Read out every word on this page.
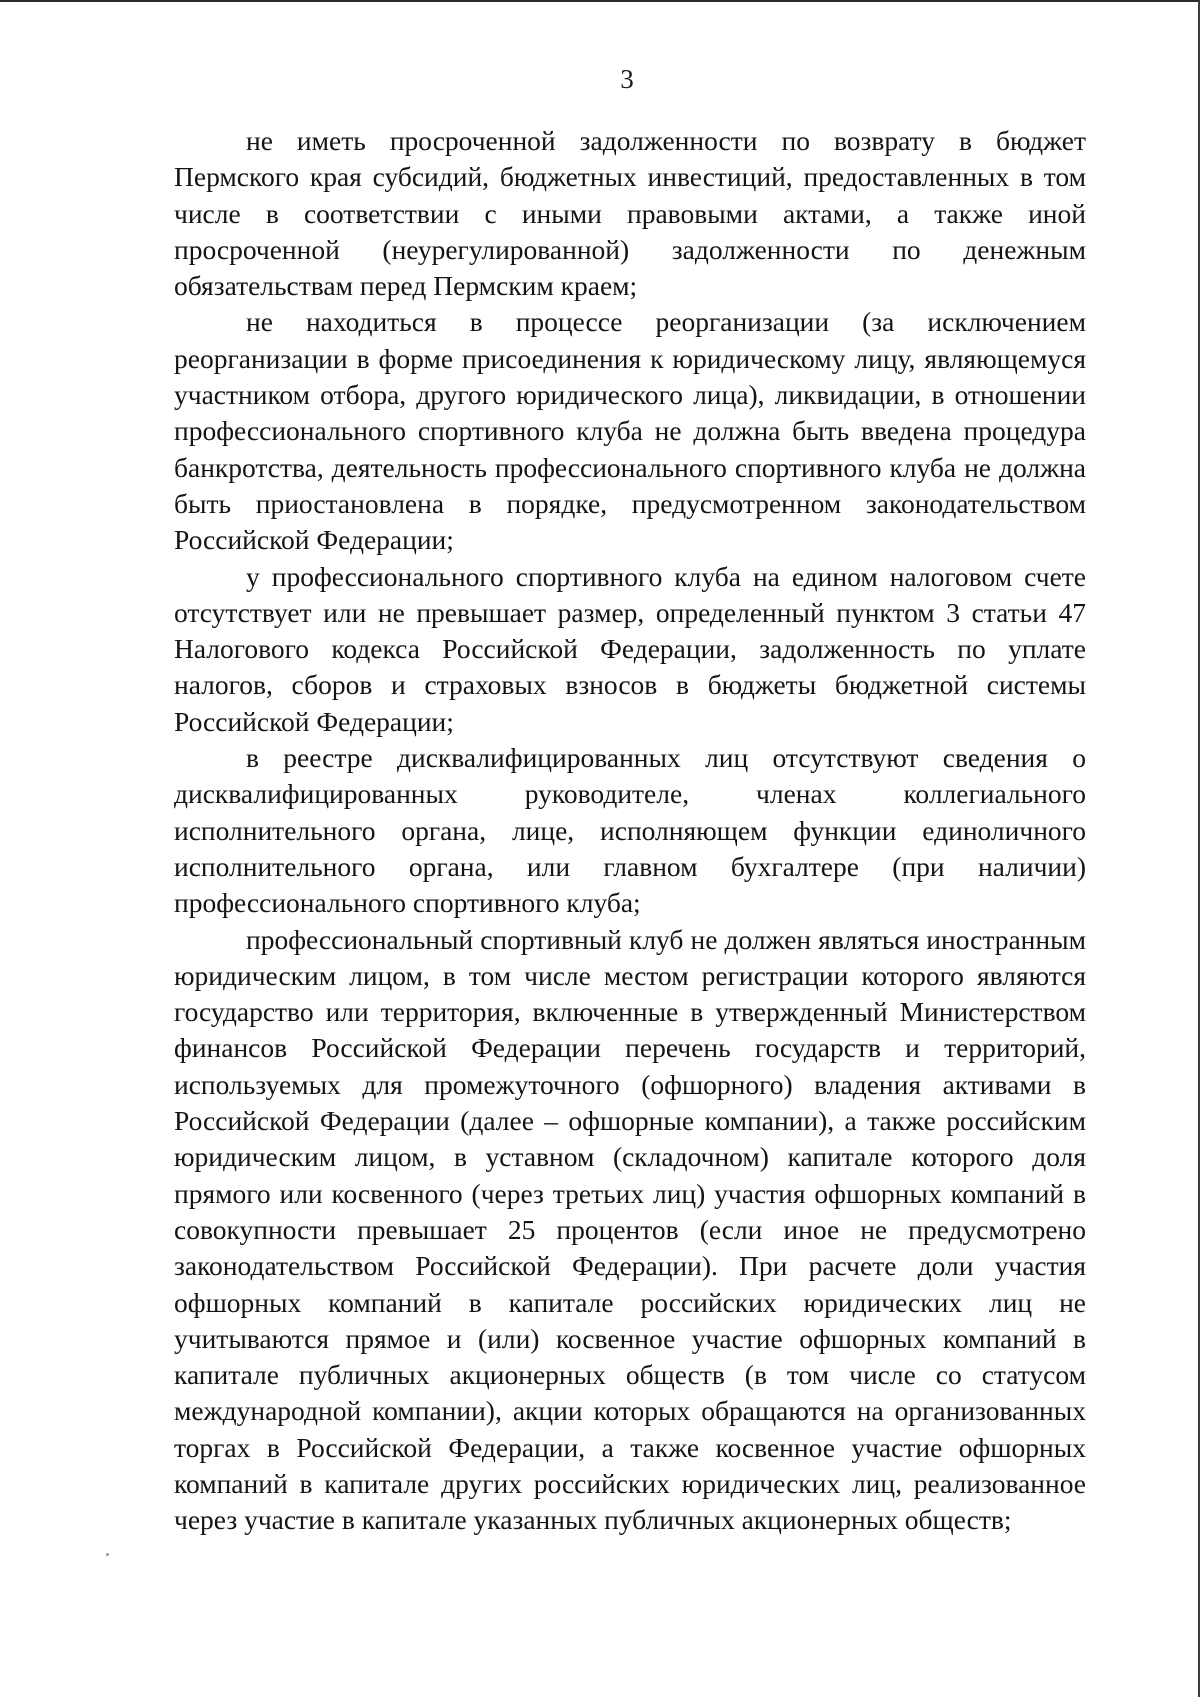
3

не иметь просроченной задолженности по возврату в бюджет Пермского края субсидий, бюджетных инвестиций, предоставленных в том числе в соответствии с иными правовыми актами, а также иной просроченной (неурегулированной) задолженности по денежным обязательствам перед Пермским краем;

не находиться в процессе реорганизации (за исключением реорганизации в форме присоединения к юридическому лицу, являющемуся участником отбора, другого юридического лица), ликвидации, в отношении профессионального спортивного клуба не должна быть введена процедура банкротства, деятельность профессионального спортивного клуба не должна быть приостановлена в порядке, предусмотренном законодательством Российской Федерации;

у профессионального спортивного клуба на едином налоговом счете отсутствует или не превышает размер, определенный пунктом 3 статьи 47 Налогового кодекса Российской Федерации, задолженность по уплате налогов, сборов и страховых взносов в бюджеты бюджетной системы Российской Федерации;

в реестре дисквалифицированных лиц отсутствуют сведения о дисквалифицированных руководителе, членах коллегиального исполнительного органа, лице, исполняющем функции единоличного исполнительного органа, или главном бухгалтере (при наличии) профессионального спортивного клуба;

профессиональный спортивный клуб не должен являться иностранным юридическим лицом, в том числе местом регистрации которого являются государство или территория, включенные в утвержденный Министерством финансов Российской Федерации перечень государств и территорий, используемых для промежуточного (офшорного) владения активами в Российской Федерации (далее – офшорные компании), а также российским юридическим лицом, в уставном (складочном) капитале которого доля прямого или косвенного (через третьих лиц) участия офшорных компаний в совокупности превышает 25 процентов (если иное не предусмотрено законодательством Российской Федерации). При расчете доли участия офшорных компаний в капитале российских юридических лиц не учитываются прямое и (или) косвенное участие офшорных компаний в капитале публичных акционерных обществ (в том числе со статусом международной компании), акции которых обращаются на организованных торгах в Российской Федерации, а также косвенное участие офшорных компаний в капитале других российских юридических лиц, реализованное через участие в капитале указанных публичных акционерных обществ;
